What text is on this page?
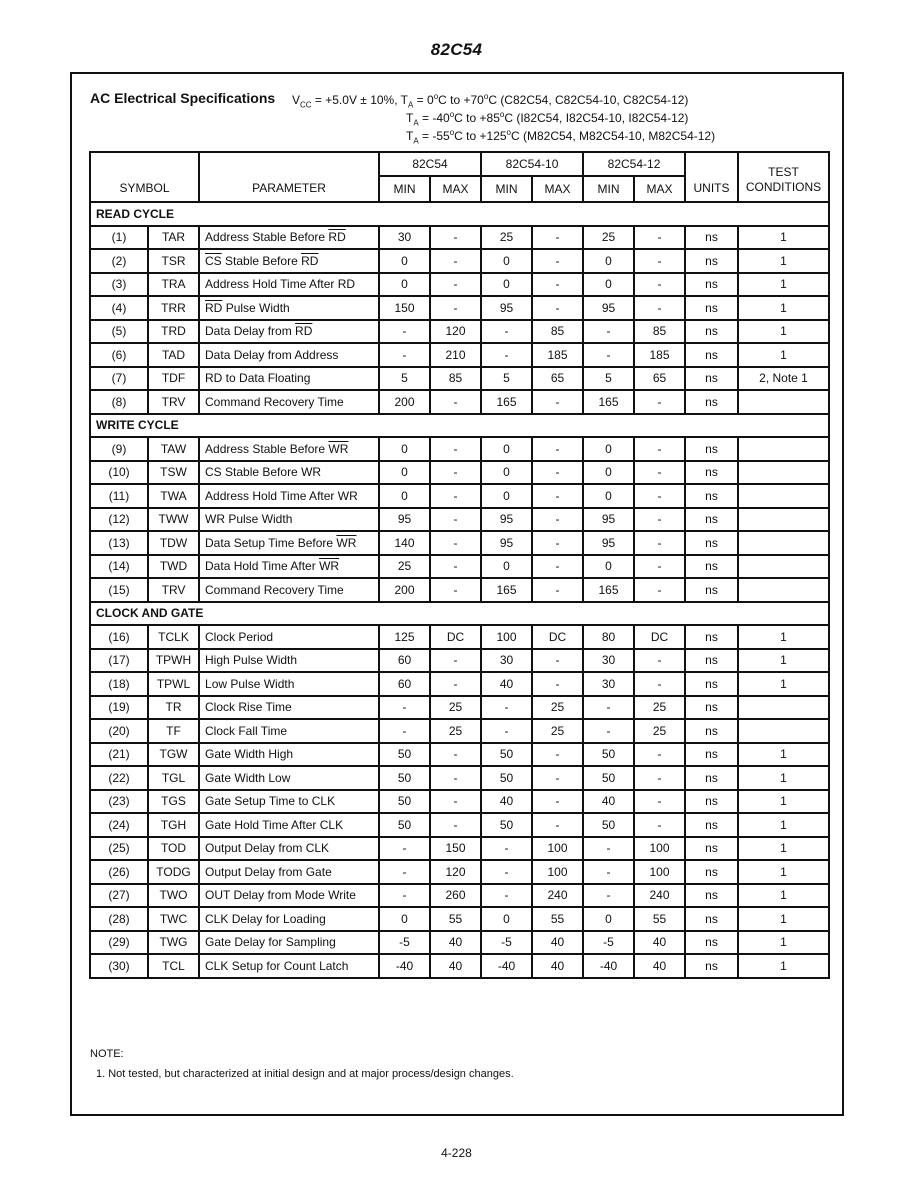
82C54
AC Electrical Specifications $V_{CC} = +5.0V \pm 10\%$, $T_A = 0^oC$ to $+70^oC$ (C82C54, C82C54-10, C82C54-12)
$T_A = -40^oC$ to $+85^oC$ (I82C54, I82C54-10, I82C54-12)
$T_A = -55^oC$ to $+125^oC$ (M82C54, M82C54-10, M82C54-12)
SYMBOL		PARAMETER	82C54		82C54-10		82C54-12		UNITS	TEST
CONDITIONS
			MIN	MAX	MIN	MAX	MIN	MAX		
READ CYCLE										
(1)	TAR	Address Stable Before $\overline{RD}$	30	-	25	-	25	-	ns	1
(2)	TSR	$\overline{CS}$ Stable Before $\overline{RD}$	0	-	0	-	0	-	ns	1
(3)	TRA	Address Hold Time After RD	0	-	0	-	0	-	ns	1
(4)	TRR	$\overline{RD}$ Pulse Width	150	-	95	-	95	-	ns	1
(5)	TRD	Data Delay from $\overline{RD}$	-	120	-	85	-	85	ns	1
(6)	TAD	Data Delay from Address	-	210	-	185	-	185	ns	1
(7)	TDF	RD to Data Floating	5	85	5	65	5	65	ns	2, Note 1
(8)	TRV	Command Recovery Time	200	-	165	-	165	-	ns	
WRITE CYCLE										
(9)	TAW	Address Stable Before $\overline{WR}$	0	-	0	-	0	-	ns	
(10)	TSW	CS Stable Before WR	0	-	0	-	0	-	ns	
(11)	TWA	Address Hold Time After WR	0	-	0	-	0	-	ns	
(12)	TWW	WR Pulse Width	95	-	95	-	95	-	ns	
(13)	TDW	Data Setup Time Before $\overline{WR}$	140	-	95	-	95	-	ns	
(14)	TWD	Data Hold Time After $\overline{WR}$	25	-	0	-	0	-	ns	
(15)	TRV	Command Recovery Time	200	-	165	-	165	-	ns	
CLOCK AND GATE										
(16)	TCLK	Clock Period	125	DC	100	DC	80	DC	ns	1
(17)	TPWH	High Pulse Width	60	-	30	-	30	-	ns	1
(18)	TPWL	Low Pulse Width	60	-	40	-	30	-	ns	1
(19)	TR	Clock Rise Time	-	25	-	25	-	25	ns	
(20)	TF	Clock Fall Time	-	25	-	25	-	25	ns	
(21)	TGW	Gate Width High	50	-	50	-	50	-	ns	1
(22)	TGL	Gate Width Low	50	-	50	-	50	-	ns	1
(23)	TGS	Gate Setup Time to CLK	50	-	40	-	40	-	ns	1
(24)	TGH	Gate Hold Time After CLK	50	-	50	-	50	-	ns	1
(25)	TOD	Output Delay from CLK	-	150	-	100	-	100	ns	1
(26)	TODG	Output Delay from Gate	-	120	-	100	-	100	ns	1
(27)	TWO	OUT Delay from Mode Write	-	260	-	240	-	240	ns	1
(28)	TWC	CLK Delay for Loading	0	55	0	55	0	55	ns	1
(29)	TWG	Gate Delay for Sampling	-5	40	-5	40	-5	40	ns	1
(30)	TCL	CLK Setup for Count Latch	-40	40	-40	40	-40	40	ns	1
NOTE:
1. Not tested, but characterized at initial design and at major process/design changes.
4-228
